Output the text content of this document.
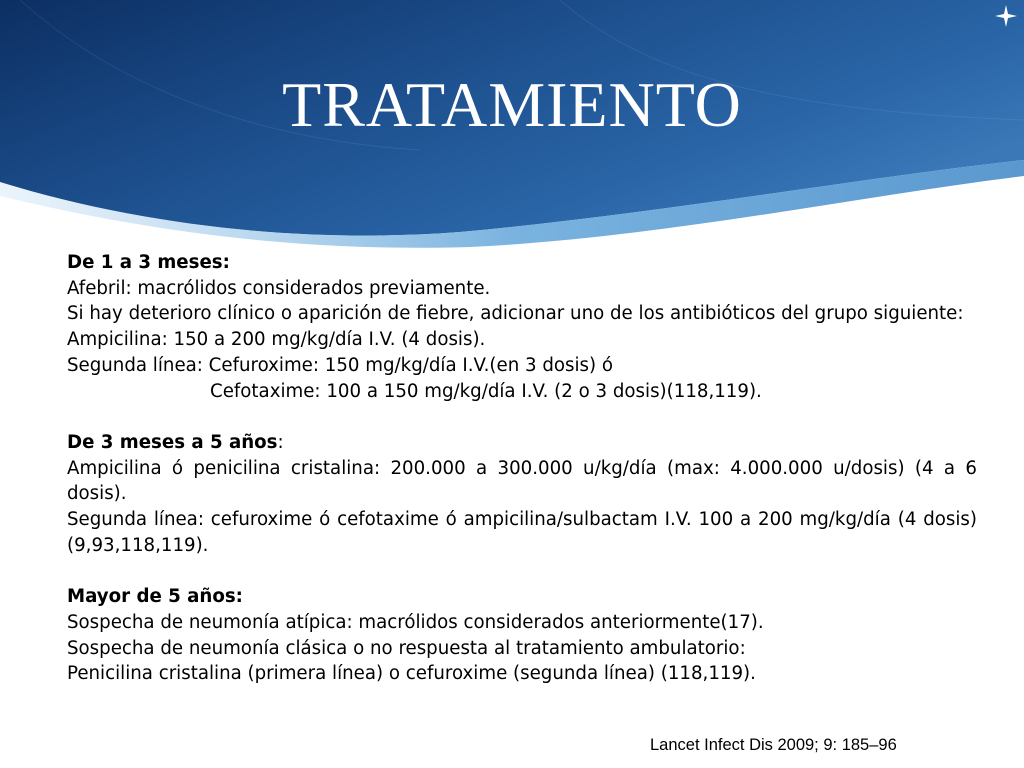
TRATAMIENTO

De 1 a 3 meses:

Afebril: macrólidos considerados previamente.

Si hay deterioro clínico o aparición de fiebre, adicionar uno de los antibióticos del grupo siguiente:

Ampicilina: 150 a 200 mg/kg/día I.V. (4 dosis).

Segunda línea: Cefuroxime: 150 mg/kg/día I.V.(en 3 dosis) ó

Cefotaxime: 100 a 150 mg/kg/día I.V. (2 o 3 dosis)(118,119).

De 3 meses a 5 años:

Ampicilina ó penicilina cristalina: 200.000 a 300.000 u/kg/día (max: 4.000.000 u/dosis) (4 a 6 dosis).

Segunda línea: cefuroxime ó cefotaxime ó ampicilina/sulbactam I.V. 100 a 200 mg/kg/día (4 dosis) (9,93,118,119).

Mayor de 5 años:

Sospecha de neumonía atípica: macrólidos considerados anteriormente(17).

Sospecha de neumonía clásica o no respuesta al tratamiento ambulatorio:

Penicilina cristalina (primera línea) o cefuroxime (segunda línea) (118,119).

Lancet Infect Dis 2009; 9: 185–96
